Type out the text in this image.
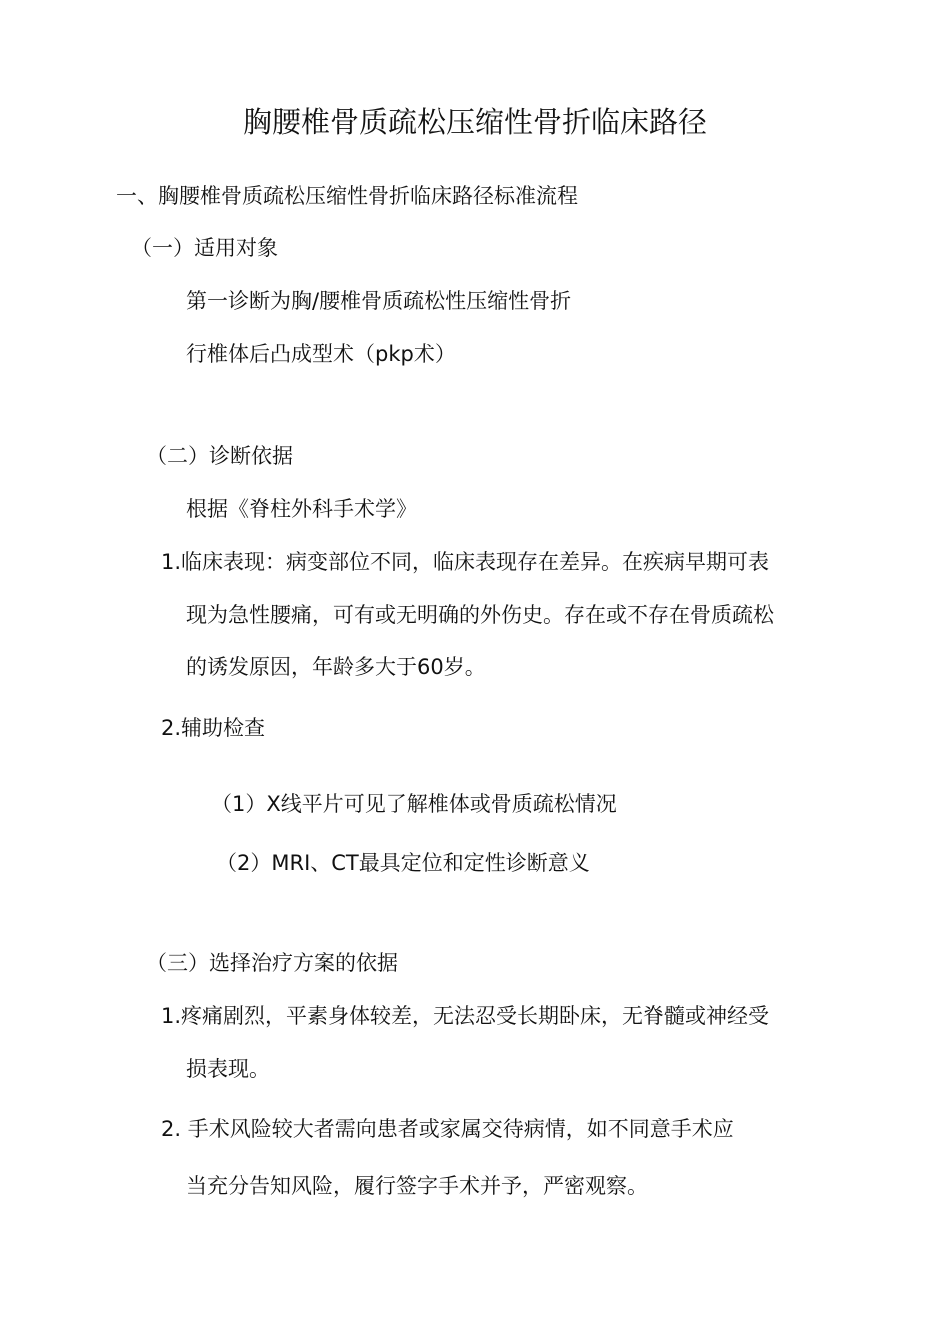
胸腰椎骨质疏松压缩性骨折临床路径

一、胸腰椎骨质疏松压缩性骨折临床路径标准流程

（一）适用对象

第一诊断为胸/腰椎骨质疏松性压缩性骨折

行椎体后凸成型术（pkp术）

（二）诊断依据

根据《脊柱外科手术学》

1.临床表现：病变部位不同，临床表现存在差异。在疾病早期可表

现为急性腰痛，可有或无明确的外伤史。存在或不存在骨质疏松

的诱发原因，年龄多大于60岁。

2.辅助检查

（1）X线平片可见了解椎体或骨质疏松情况

（2）MRI、CT最具定位和定性诊断意义

（三）选择治疗方案的依据

1.疼痛剧烈，平素身体较差，无法忍受长期卧床，无脊髓或神经受

损表现。

2. 手术风险较大者需向患者或家属交待病情，如不同意手术应

当充分告知风险，履行签字手术并予，严密观察。
